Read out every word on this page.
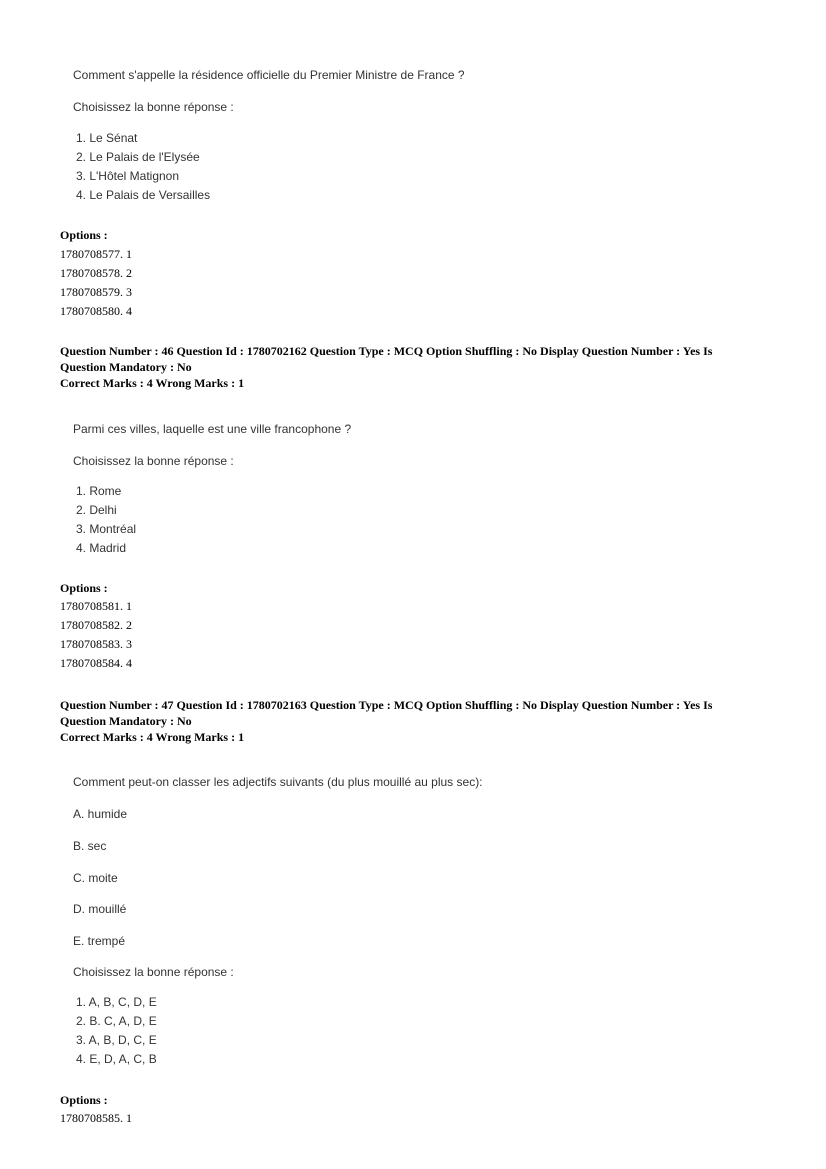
Comment s'appelle la résidence officielle du Premier Ministre de France ?
Choisissez la bonne réponse :
1. Le Sénat
2. Le Palais de l'Elysée
3. L'Hôtel Matignon
4. Le Palais de Versailles
Options :
1780708577. 1
1780708578. 2
1780708579. 3
1780708580. 4
Question Number : 46 Question Id : 1780702162 Question Type : MCQ Option Shuffling : No Display Question Number : Yes Is
Question Mandatory : No
Correct Marks : 4 Wrong Marks : 1
Parmi ces villes, laquelle est une ville francophone ?
Choisissez la bonne réponse :
1. Rome
2. Delhi
3. Montréal
4. Madrid
Options :
1780708581. 1
1780708582. 2
1780708583. 3
1780708584. 4
Question Number : 47 Question Id : 1780702163 Question Type : MCQ Option Shuffling : No Display Question Number : Yes Is
Question Mandatory : No
Correct Marks : 4 Wrong Marks : 1
Comment peut-on classer les adjectifs suivants (du plus mouillé au plus sec):
A. humide
B. sec
C. moite
D. mouillé
E. trempé
Choisissez la bonne réponse :
1. A, B, C, D, E
2. B. C, A, D, E
3. A, B, D, C, E
4. E, D, A, C, B
Options :
1780708585. 1
